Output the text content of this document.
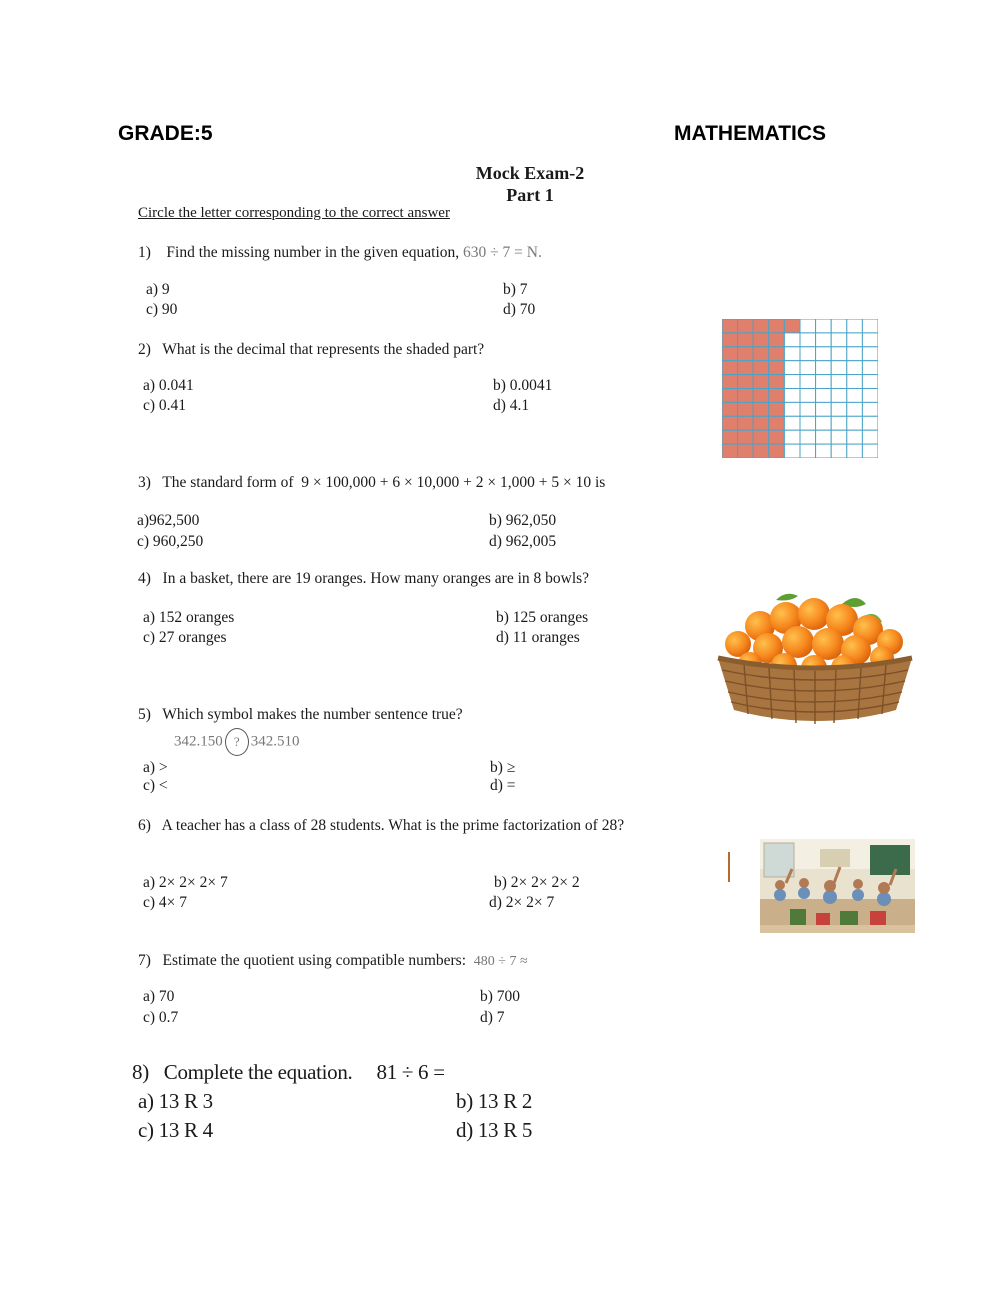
GRADE:5	MATHEMATICS
Mock Exam-2
Part 1
Circle the letter corresponding to the correct answer
1)    Find the missing number in the given equation, 630 ÷ 7 = N.
a) 9	b) 7
c) 90	d) 70
2)   What is the decimal that represents the shaded part?
a) 0.041	b) 0.0041
c) 0.41	d) 4.1
3)   The standard form of  9 × 100,000 + 6 × 10,000 + 2 × 1,000 + 5 × 10 is
a)962,500	b) 962,050
c) 960,250	d) 962,005
4)   In a basket, there are 19 oranges. How many oranges are in 8 bowls?
a) 152 oranges	b) 125 oranges
c) 27 oranges	d) 11 oranges
5)   Which symbol makes the number sentence true?
342.150 ? 342.510
a) >	b) ≥
c) <	d) =
6)   A teacher has a class of 28 students. What is the prime factorization of 28?
a) 2× 2× 2× 7	b) 2× 2× 2× 2
c) 4× 7	d) 2× 2× 7
7)   Estimate the quotient using compatible numbers:  480 ÷ 7 ≈
a) 70	b) 700
c) 0.7	d) 7
8)   Complete the equation. 81 ÷ 6 =
a) 13 R 3	b) 13 R 2
c) 13 R 4	d) 13 R 5
